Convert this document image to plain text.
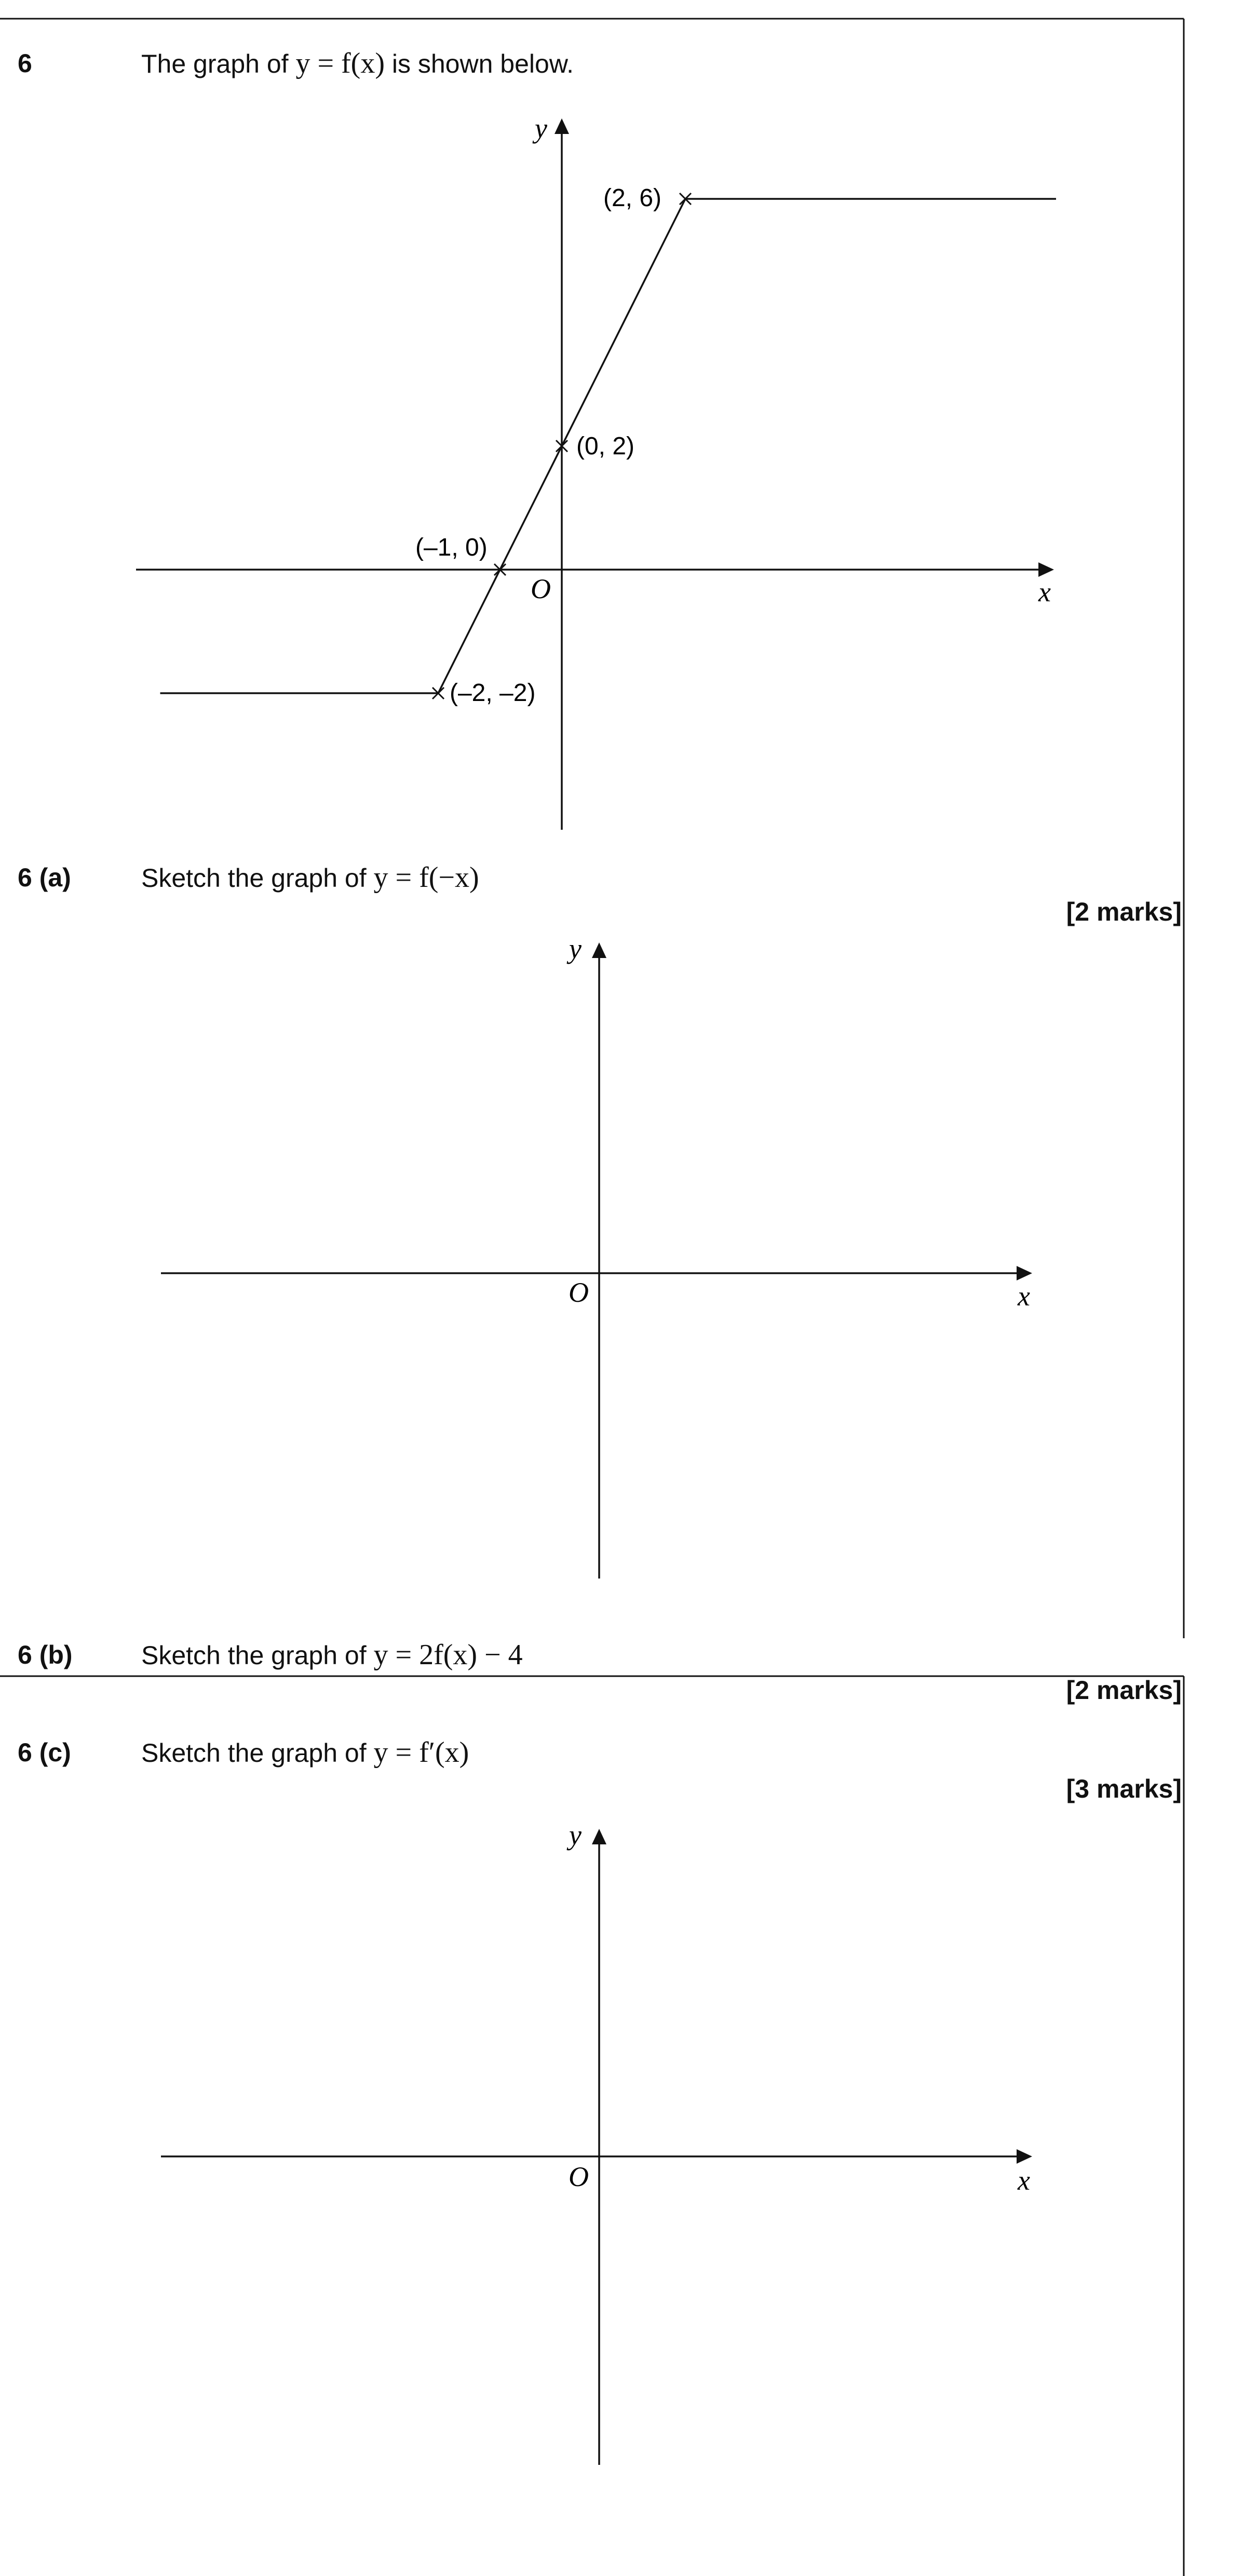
6	The graph of y = f(x) is shown below.
y
x
O
(2, 6)
(0, 2)
(–1, 0)
(–2, –2)
6 (a)	Sketch the graph of y = f(−x)
[2 marks]
y
x
O
6 (b)	Sketch the graph of y = 2f(x) − 4
[2 marks]
6 (c)	Sketch the graph of y = f′(x)
[3 marks]
y
x
O
